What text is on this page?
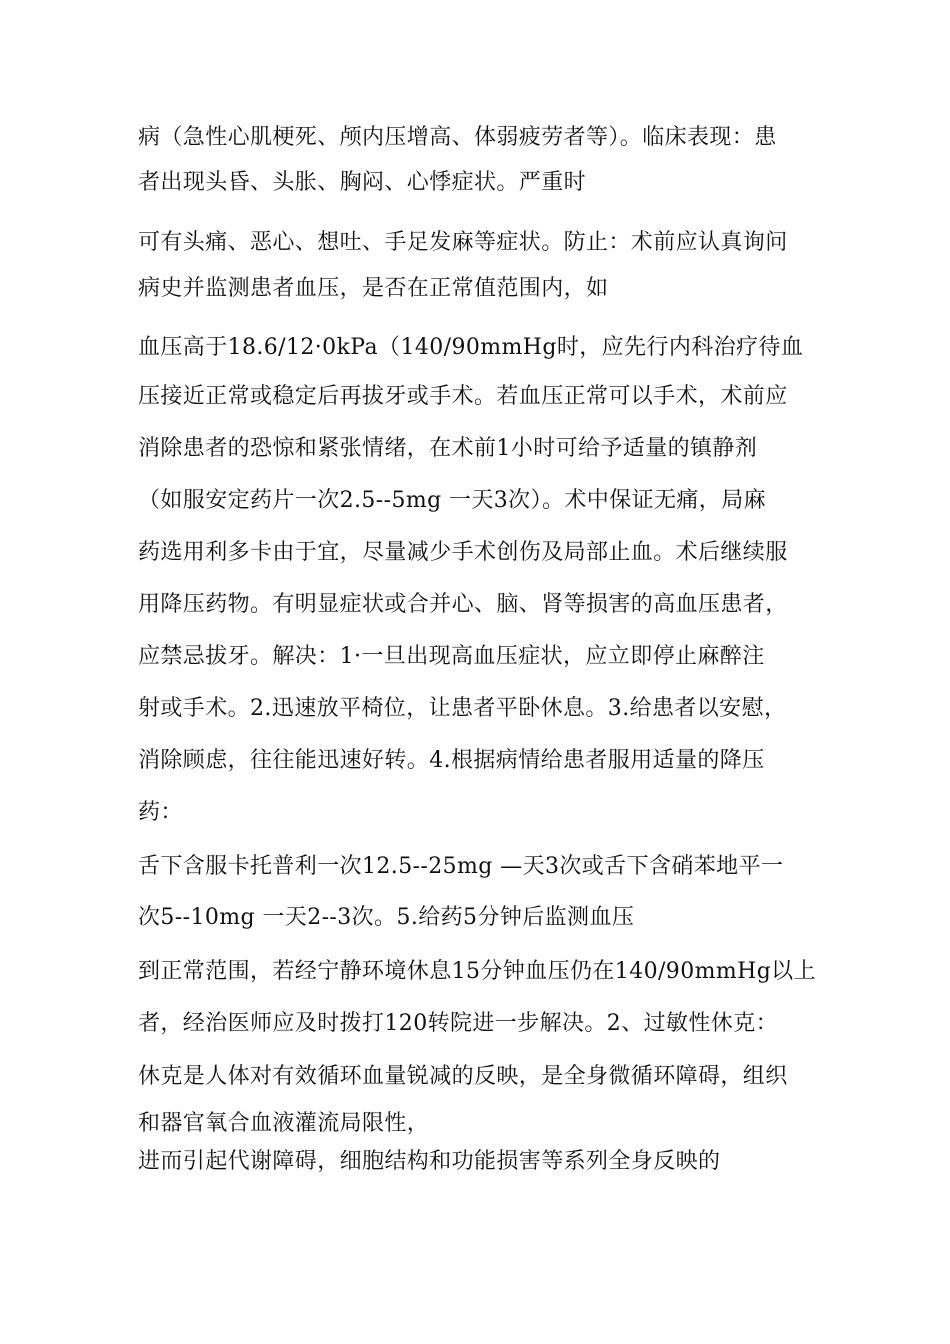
病（急性心肌梗死、颅内压增高、体弱疲劳者等）。临床表现：患
者出现头昏、头胀、胸闷、心悸症状。严重时
可有头痛、恶心、想吐、手足发麻等症状。防止：术前应认真询问
病史并监测患者血压，是否在正常值范围内，如
血压高于18.6/12·0kPa（140/90mmHg时，应先行内科治疗待血
压接近正常或稳定后再拔牙或手术。若血压正常可以手术，术前应
消除患者的恐惊和紧张情绪，在术前1小时可给予适量的镇静剂
（如服安定药片一次2.5--5mg 一天3次）。术中保证无痛，局麻
药选用利多卡由于宜，尽量减少手术创伤及局部止血。术后继续服
用降压药物。有明显症状或合并心、脑、肾等损害的高血压患者，
应禁忌拔牙。解决：1·一旦出现高血压症状，应立即停止麻醉注
射或手术。2.迅速放平椅位，让患者平卧休息。3.给患者以安慰，
消除顾虑，往往能迅速好转。4.根据病情给患者服用适量的降压
药：
舌下含服卡托普利一次12.5--25mg —天3次或舌下含硝苯地平一
次5--10mg 一天2--3次。5.给药5分钟后监测血压
到正常范围，若经宁静环境休息15分钟血压仍在140/90mmHg以上
者，经治医师应及时拨打120转院进一步解决。2、过敏性休克：
休克是人体对有效循环血量锐减的反映，是全身微循环障碍，组织
和器官氧合血液灌流局限性，
进而引起代谢障碍，细胞结构和功能损害等系列全身反映的
